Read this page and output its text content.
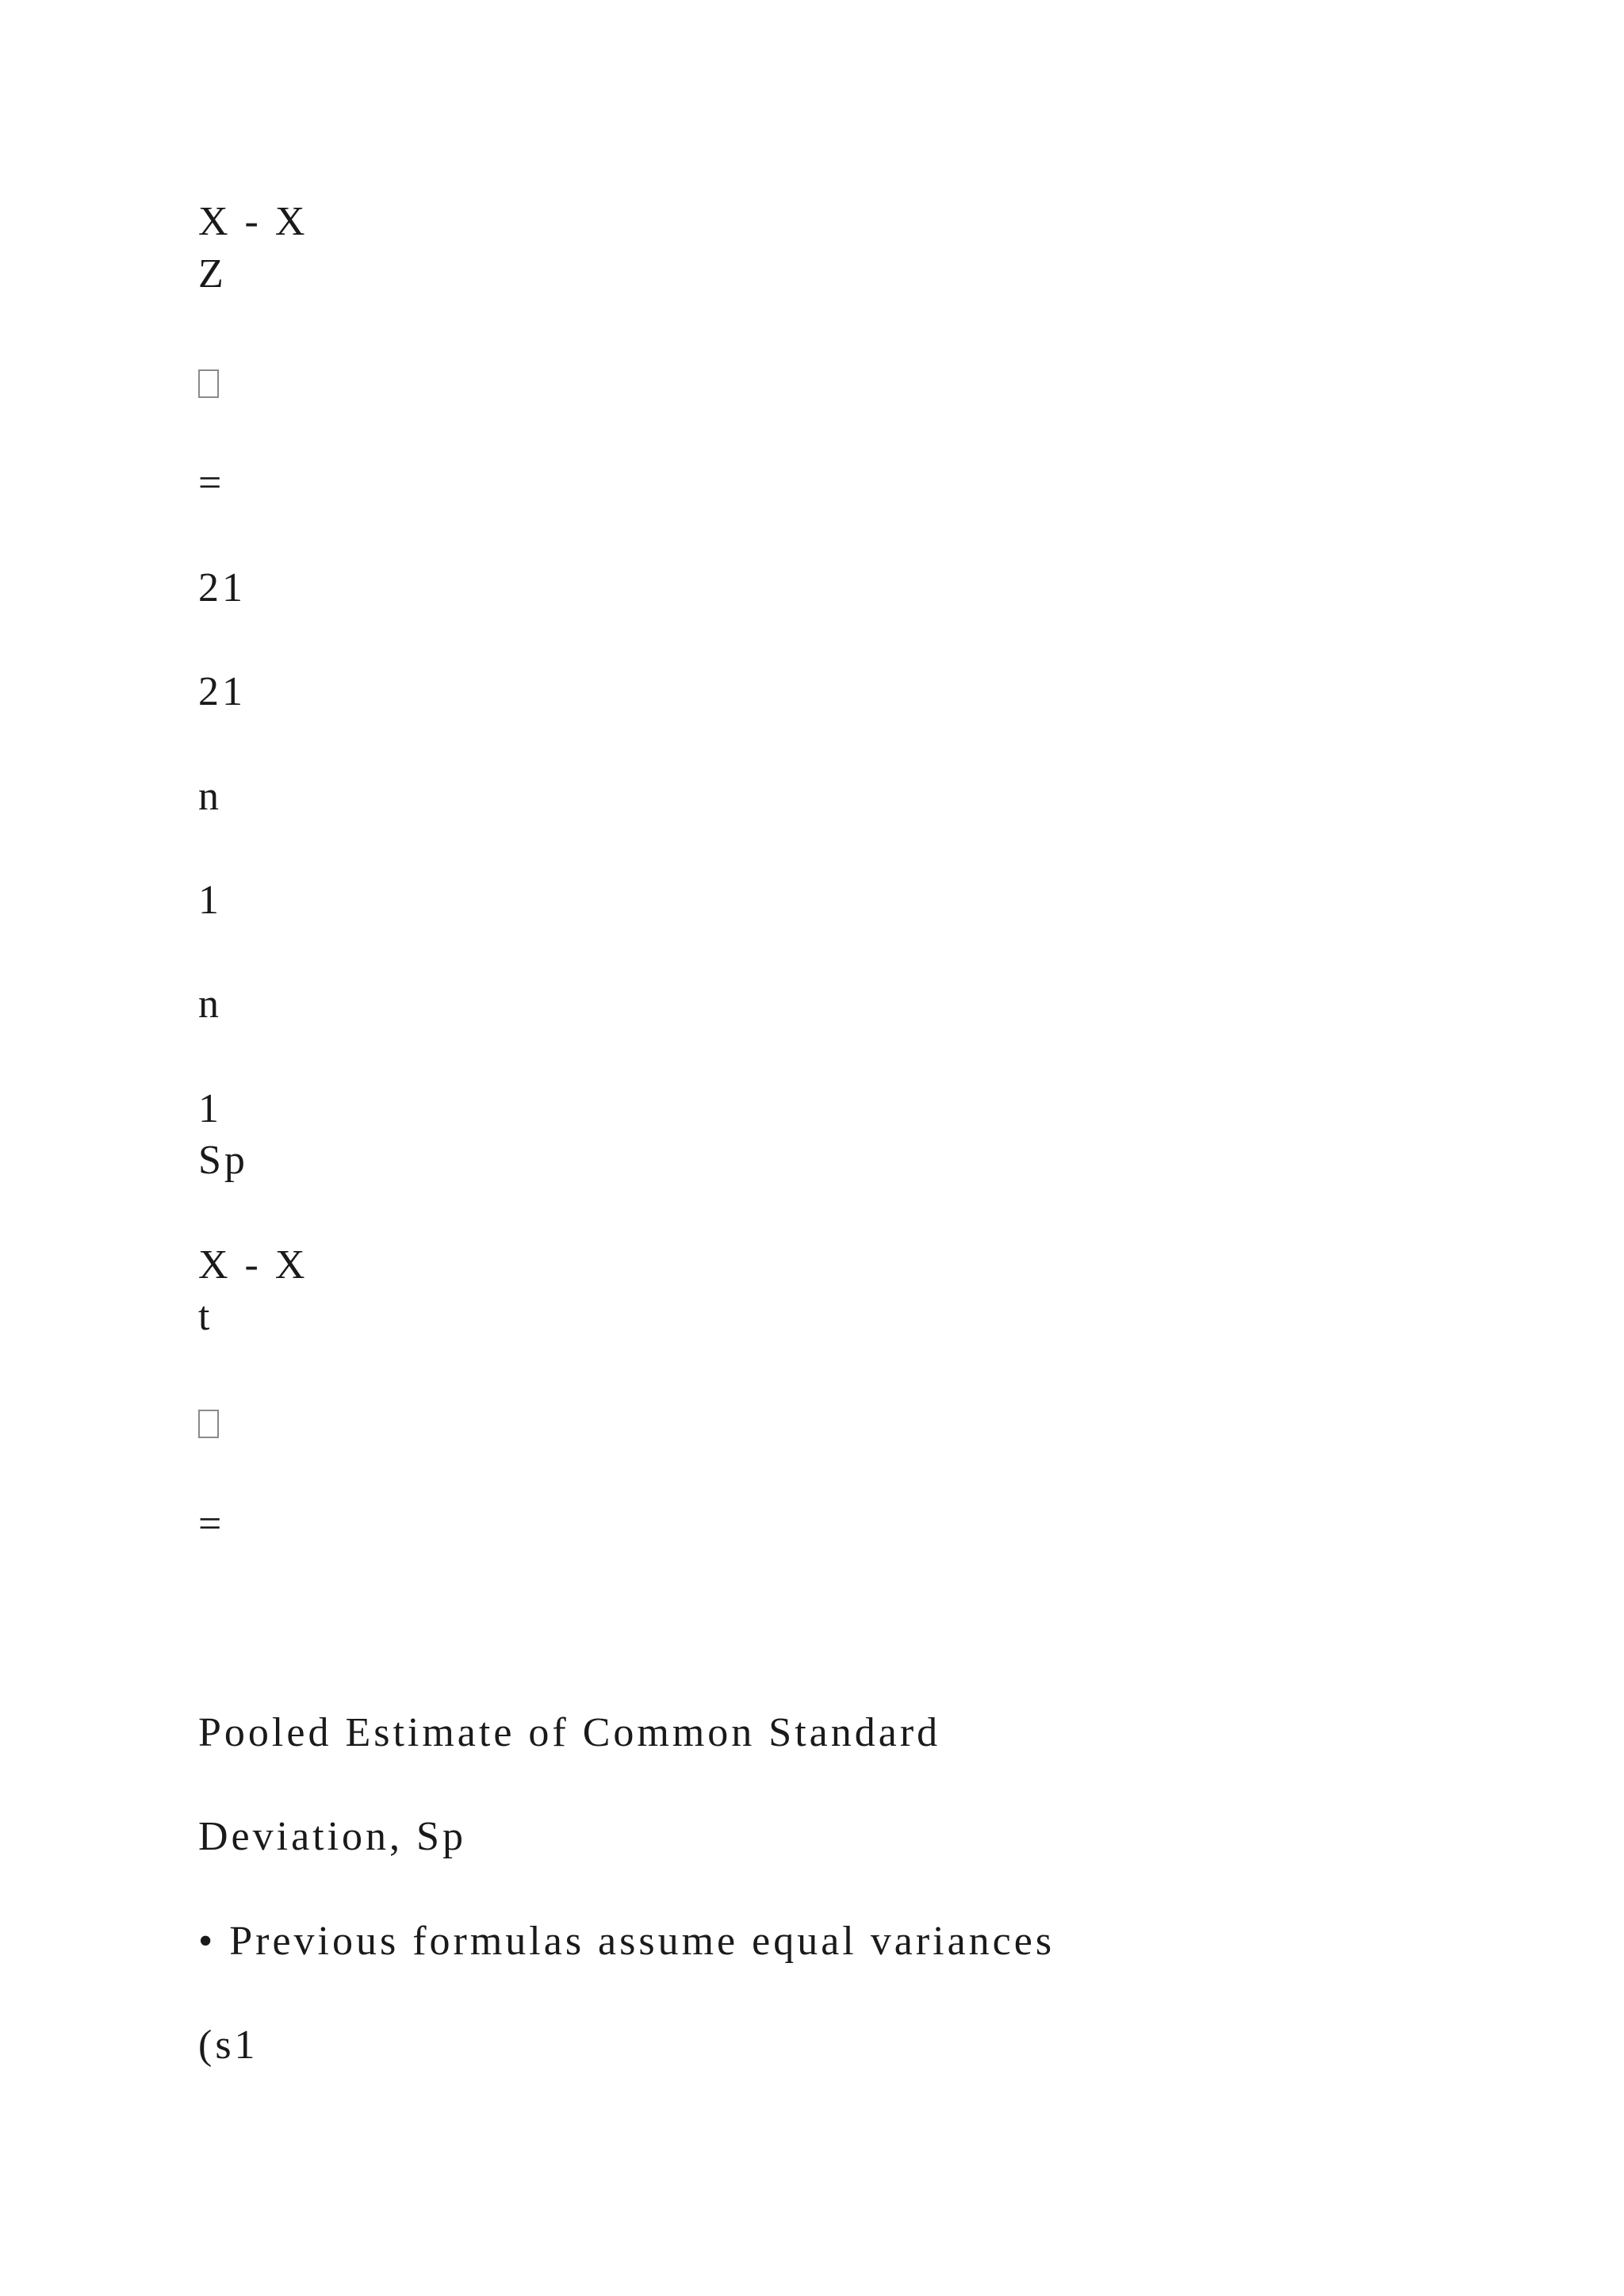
X - X
Z
=
21
21
n
1
n
1
Sp
X - X
t
=
Pooled Estimate of Common Standard
Deviation, Sp
• Previous formulas assume equal variances
(s1
